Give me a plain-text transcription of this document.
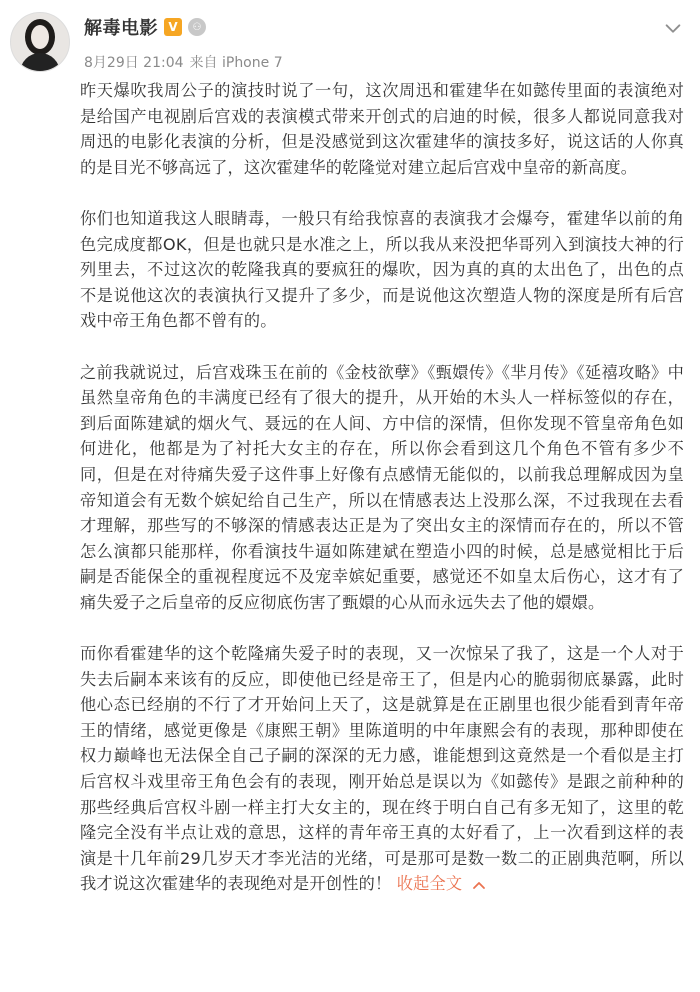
解毒电影 V	⚇
8月29日 21:04 来自 iPhone 7

昨天爆吹我周公子的演技时说了一句，这次周迅和霍建华在如懿传里面的表演绝对是给国产电视剧后宫戏的表演模式带来开创式的启迪的时候，很多人都说同意我对周迅的电影化表演的分析，但是没感觉到这次霍建华的演技多好，说这话的人你真的是目光不够高远了，这次霍建华的乾隆觉对建立起后宫戏中皇帝的新高度。

你们也知道我这人眼睛毒，一般只有给我惊喜的表演我才会爆夸，霍建华以前的角色完成度都OK，但是也就只是水准之上，所以我从来没把华哥列入到演技大神的行列里去，不过这次的乾隆我真的要疯狂的爆吹，因为真的真的太出色了，出色的点不是说他这次的表演执行又提升了多少，而是说他这次塑造人物的深度是所有后宫戏中帝王角色都不曾有的。

之前我就说过，后宫戏珠玉在前的《金枝欲孽》《甄嬛传》《芈月传》《延禧攻略》中虽然皇帝角色的丰满度已经有了很大的提升，从开始的木头人一样标签似的存在，到后面陈建斌的烟火气、聂远的在人间、方中信的深情，但你发现不管皇帝角色如何进化，他都是为了衬托大女主的存在，所以你会看到这几个角色不管有多少不同，但是在对待痛失爱子这件事上好像有点感情无能似的，以前我总理解成因为皇帝知道会有无数个嫔妃给自己生产，所以在情感表达上没那么深，不过我现在去看才理解，那些写的不够深的情感表达正是为了突出女主的深情而存在的，所以不管怎么演都只能那样，你看演技牛逼如陈建斌在塑造小四的时候，总是感觉相比于后嗣是否能保全的重视程度远不及宠幸嫔妃重要，感觉还不如皇太后伤心，这才有了痛失爱子之后皇帝的反应彻底伤害了甄嬛的心从而永远失去了他的嬛嬛。

而你看霍建华的这个乾隆痛失爱子时的表现，又一次惊呆了我了，这是一个人对于失去后嗣本来该有的反应，即使他已经是帝王了，但是内心的脆弱彻底暴露，此时他心态已经崩的不行了才开始问上天了，这是就算是在正剧里也很少能看到青年帝王的情绪，感觉更像是《康熙王朝》里陈道明的中年康熙会有的表现，那种即使在权力巅峰也无法保全自己子嗣的深深的无力感，谁能想到这竟然是一个看似是主打后宫权斗戏里帝王角色会有的表现，刚开始总是误以为《如懿传》是跟之前种种的那些经典后宫权斗剧一样主打大女主的，现在终于明白自己有多无知了，这里的乾隆完全没有半点让戏的意思，这样的青年帝王真的太好看了，上一次看到这样的表演是十几年前29几岁天才李光洁的光绪，可是那可是数一数二的正剧典范啊，所以我才说这次霍建华的表现绝对是开创性的！ 收起全文
